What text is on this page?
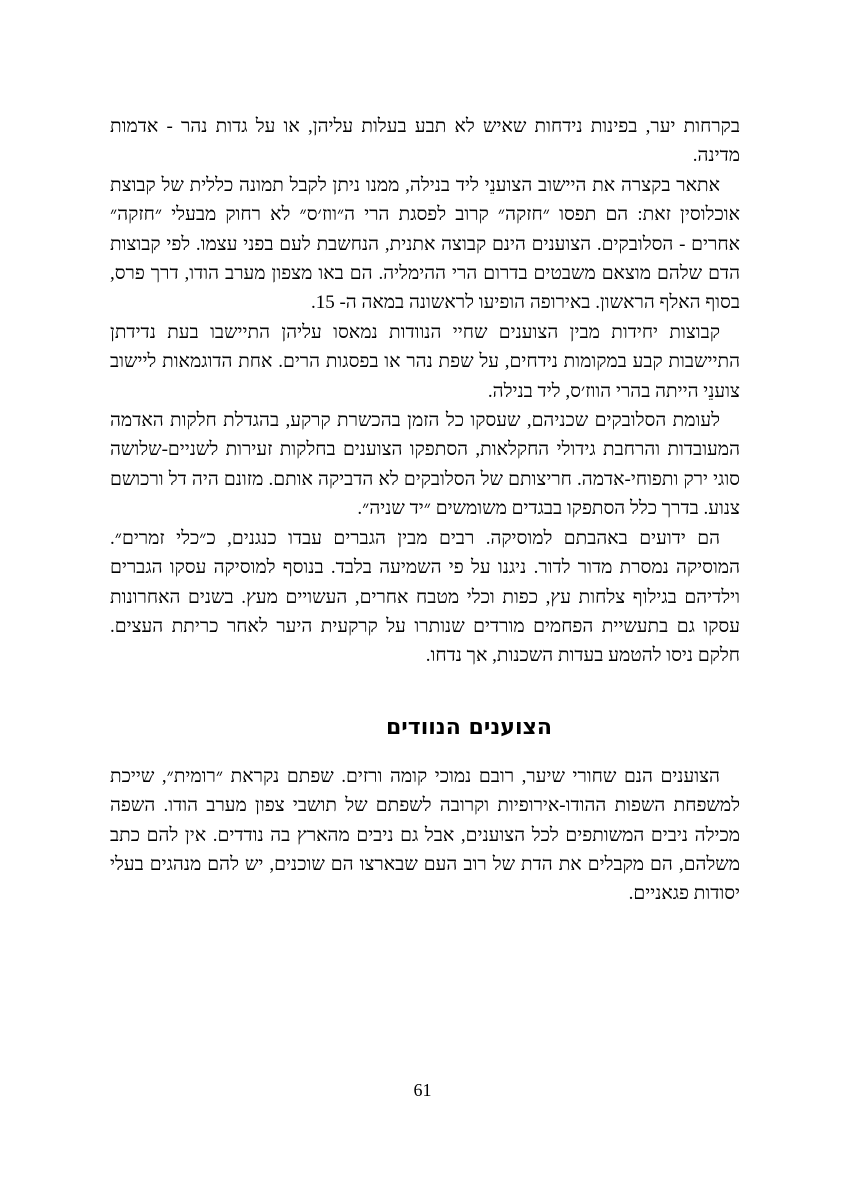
בקרחות יער, בפינות נידחות שאיש לא תבע בעלות עליהן, או על גדות נהר - אדמות מדינה.

אתאר בקצרה את היישוב הצוענֵי ליד בנילה, ממנו ניתן לקבל תמונה כללית של קבוצת אוכלוסין זאת: הם תפסו ״חזקה״ קרוב לפסגת הרי ה״ווז׳ס״ לא רחוק מבעלי ״חזקה״ אחרים - הסלובקים. הצוענים הינם קבוצה אתנית, הנחשבת לעם בפני עצמו. לפי קבוצות הדם שלהם מוצאם משבטים בדרום הרי ההימליה. הם באו מצפון מערב הודו, דרך פרס, בסוף האלף הראשון. באירופה הופיעו לראשונה במאה ה- 15.

קבוצות יחידות מבין הצוענים שחיי הנוודות נמאסו עליהן התיישבו בעת נדידתן התיישבות קבע במקומות נידחים, על שפת נהר או בפסגות הרים. אחת הדוגמאות ליישוב צוענֵי הייתה בהרי הווז׳ס, ליד בנילה.

לעומת הסלובקים שכניהם, שעסקו כל הזמן בהכשרת קרקע, בהגדלת חלקות האדמה המעובדות והרחבת גידולי החקלאות, הסתפקו הצוענים בחלקות זעירות לשניים-שלושה סוגי ירק ותפוחי-אדמה. חריצותם של הסלובקים לא הדביקה אותם. מזונם היה דל ורכושם צנוע. בדרך כלל הסתפקו בבגדים משומשים ״יד שניה״.

הם ידועים באהבתם למוסיקה. רבים מבין הגברים עבדו כנגנים, כ״כלי זמרים״. המוסיקה נמסרת מדור לדור. ניגנו על פי השמיעה בלבד. בנוסף למוסיקה עסקו הגברים וילדיהם בגילוף צלחות עץ, כפות וכלי מטבח אחרים, העשויים מעץ. בשנים האחרונות עסקו גם בתעשיית הפחמים מורדים שנותרו על קרקעית היער לאחר כריתת העצים. חלקם ניסו להטמע בעדות השכנות, אך נדחו.

הצוענים הנוודים

הצוענים הנם שחורי שיער, רובם נמוכי קומה ורזים. שפתם נקראת ״רומית״, שייכת למשפחת השפות ההודו-אירופיות וקרובה לשפתם של תושבי צפון מערב הודו. השפה מכילה ניבים המשותפים לכל הצוענים, אבל גם ניבים מהארץ בה נודדים. אין להם כתב משלהם, הם מקבלים את הדת של רוב העם שבארצו הם שוכנים, יש להם מנהגים בעלי יסודות פגאניים.

61
